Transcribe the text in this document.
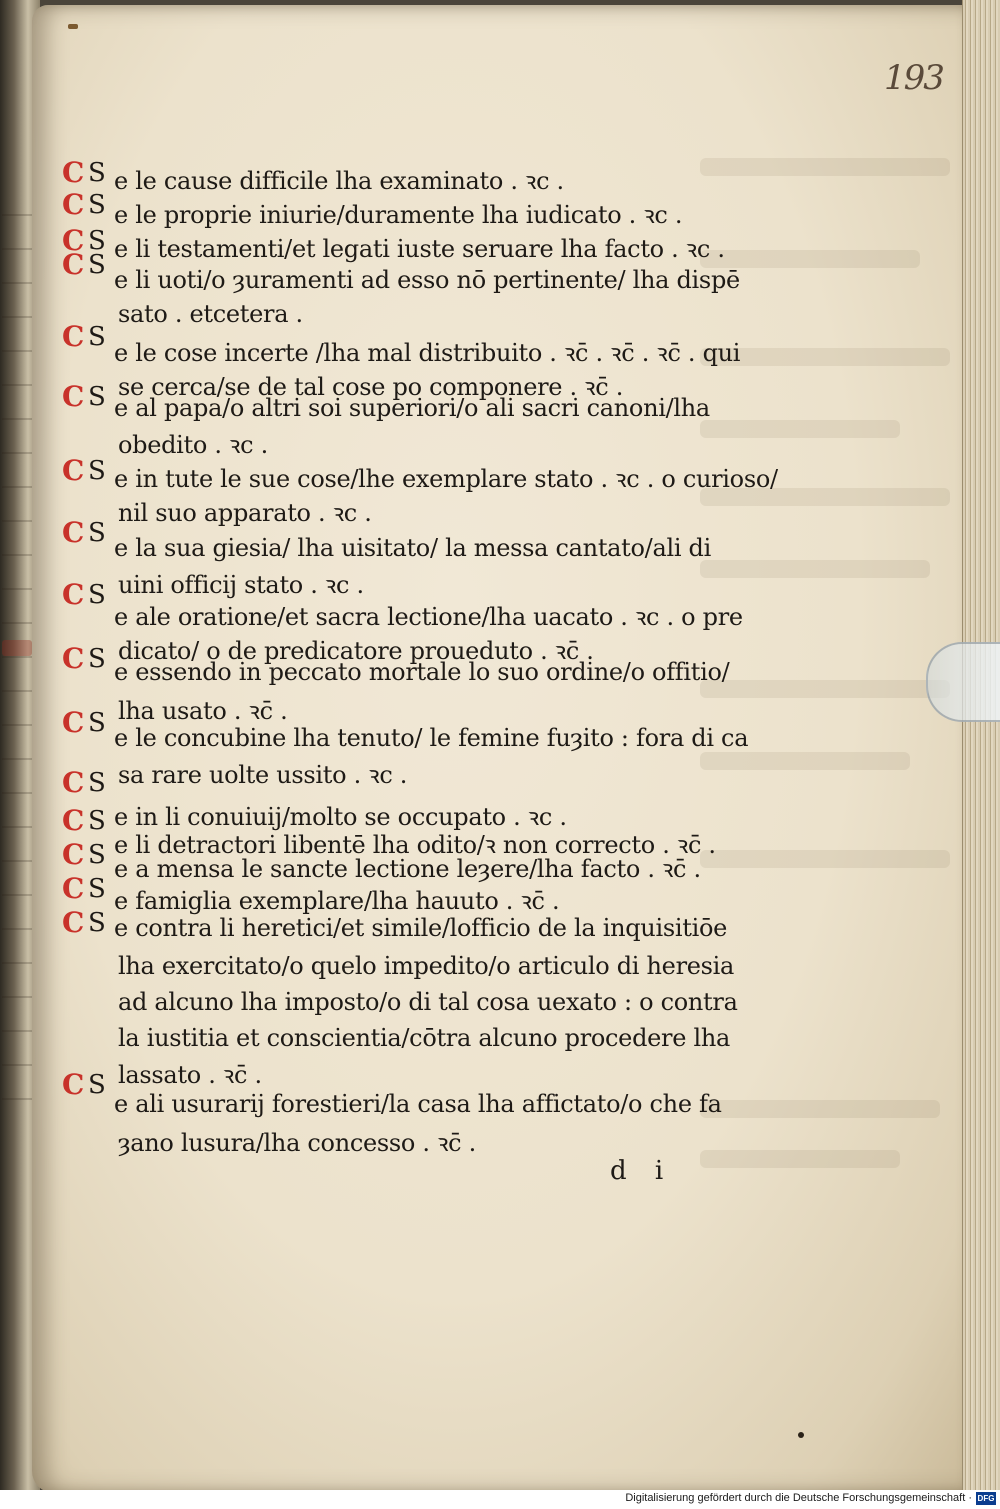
193
e le cause difficile lha examinato . ꝛc .
e le proprie iniurie/duramente lha iudicato . ꝛc .
e li testamenti/et legati iuste seruare lha facto . ꝛc .
e li uoti/o ȝuramenti ad esso nō pertinente/ lha dispē
sato . etcetera .
e le cose incerte /lha mal distribuito . ꝛc̄ . ꝛc̄ . ꝛc̄ . qui
se cerca/se de tal cose po componere . ꝛc̄ .
e al papa/o altri soi superiori/o ali sacri canoni/lha
obedito . ꝛc .
e in tute le sue cose/lhe exemplare stato . ꝛc . o curioso/
nil suo apparato . ꝛc .
e la sua giesia/ lha uisitato/ la messa cantato/ali di
uini officij stato . ꝛc .
e ale oratione/et sacra lectione/lha uacato . ꝛc . o pre
dicato/ o de predicatore proueduto . ꝛc̄ .
e essendo in peccato mortale lo suo ordine/o offitio/
lha usato . ꝛc̄ .
e le concubine lha tenuto/ le femine fuȝito : fora di ca
sa rare uolte ussito . ꝛc .
e in li conuiuij/molto se occupato . ꝛc .
e li detractori libentē lha odito/ꝛ non correcto . ꝛc̄ .
e a mensa le sancte lectione leȝere/lha facto . ꝛc̄ .
e famiglia exemplare/lha hauuto . ꝛc̄ .
e contra li heretici/et simile/lofficio de la inquisitiōe
lha exercitato/o quelo impedito/o articulo di heresia
ad alcuno lha imposto/o di tal cosa uexato : o contra
la iustitia et conscientia/cōtra alcuno procedere lha
lassato . ꝛc̄ .
e ali usurarij forestieri/la casa lha affictato/o che fa
ȝano lusura/lha concesso . ꝛc̄ .
C S
C S
C S
C S
C S
C S
C S
C S
C S
C S
C S
C S
C S
C S
C S
C S
C S
d i
Digitalisierung gefördert durch die Deutsche Forschungsgemeinschaft · DFG
